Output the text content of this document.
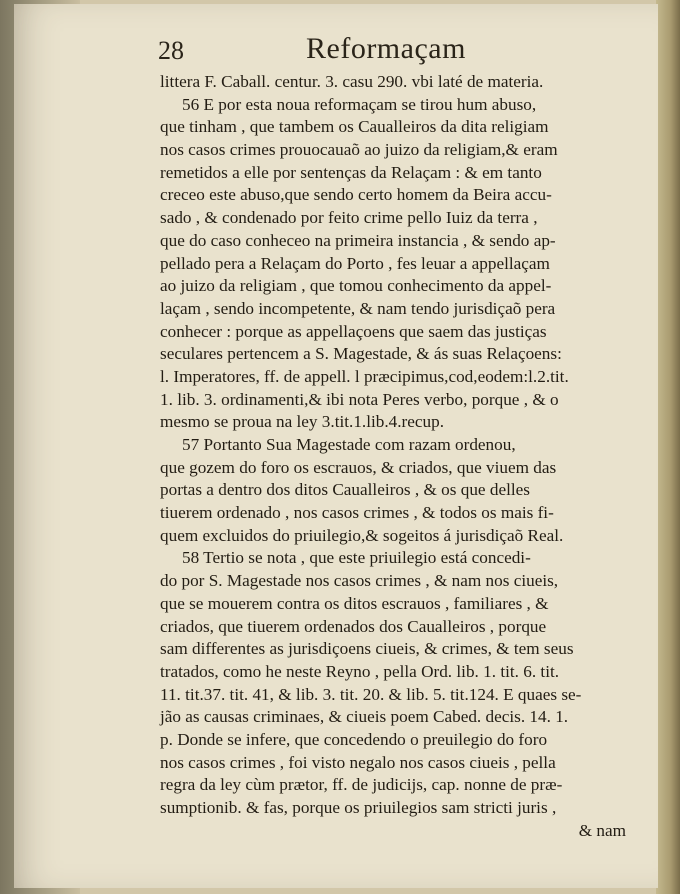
28	Reformaçam
littera F. Caball. centur. 3. casu 290. vbi laté de materia.
56 E por esta noua reformaçam se tirou hum abuso,
que tinham , que tambem os Caualleiros da dita religiam
nos casos crimes prouocauaõ ao juizo da religiam,& eram
remetidos a elle por sentenças da Relaçam : & em tanto
creceo este abuso,que sendo certo homem da Beira accu-
sado , & condenado por feito crime pello Iuiz da terra ,
que do caso conheceo na primeira instancia , & sendo ap-
pellado pera a Relaçam do Porto , fes leuar a appellaçam
ao juizo da religiam , que tomou conhecimento da appel-
laçam , sendo incompetente, & nam tendo jurisdiçaõ pera
conhecer : porque as appellaçoens que saem das justiças
seculares pertencem a S. Magestade, & ás suas Relaçoens:
l. Imperatores, ff. de appell. l præcipimus,cod,eodem:l.2.tit.
1. lib. 3. ordinamenti,& ibi nota Peres verbo, porque , & o
mesmo se proua na ley 3.tit.1.lib.4.recup.
57 Portanto Sua Magestade com razam ordenou,
que gozem do foro os escrauos, & criados, que viuem das
portas a dentro dos ditos Caualleiros , & os que delles
tiuerem ordenado , nos casos crimes , & todos os mais fi-
quem excluidos do priuilegio,& sogeitos á jurisdiçaõ Real.
58 Tertio se nota , que este priuilegio está concedi-
do por S. Magestade nos casos crimes , & nam nos ciueis,
que se mouerem contra os ditos escrauos , familiares , &
criados, que tiuerem ordenados dos Caualleiros , porque
sam differentes as jurisdiçoens ciueis, & crimes, & tem seus
tratados, como he neste Reyno , pella Ord. lib. 1. tit. 6. tit.
11. tit.37. tit. 41, & lib. 3. tit. 20. & lib. 5. tit.124. E quaes se-
jão as causas criminaes, & ciueis poem Cabed. decis. 14. 1.
p. Donde se infere, que concedendo o preuilegio do foro
nos casos crimes , foi visto negalo nos casos ciueis , pella
regra da ley cùm prætor, ff. de judicijs, cap. nonne de præ-
sumptionib. & fas, porque os priuilegios sam stricti juris ,
& nam
